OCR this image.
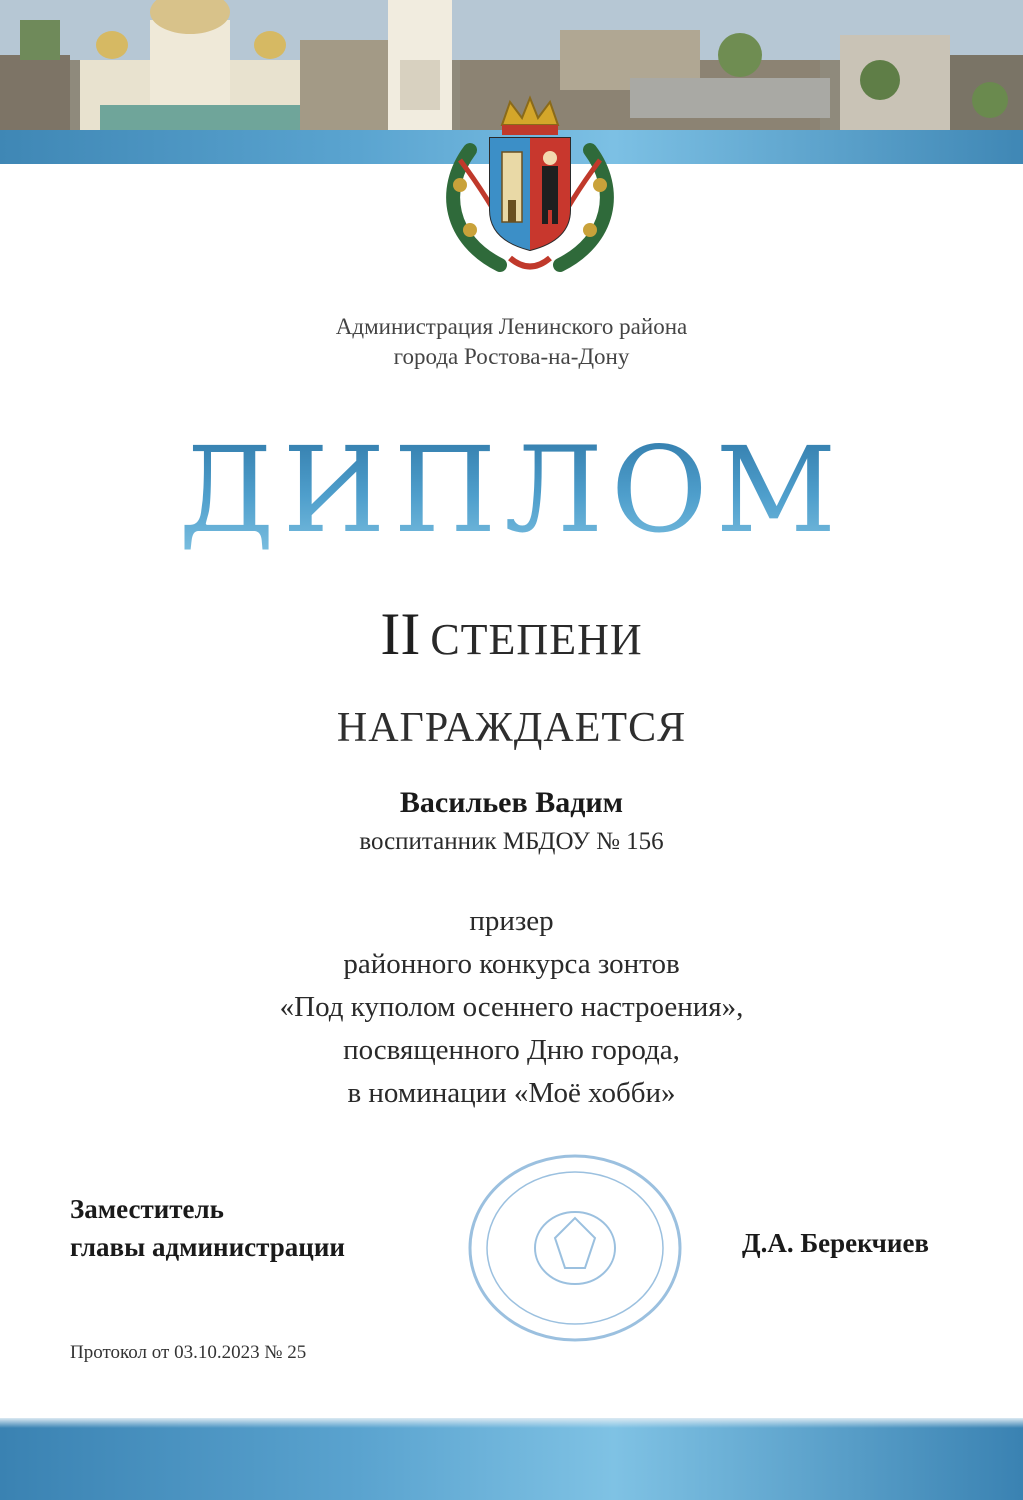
Администрация Ленинского района
города Ростова-на-Дону
ДИПЛОМ
II СТЕПЕНИ
НАГРАЖДАЕТСЯ
Васильев Вадим
воспитанник МБДОУ № 156
призер
районного конкурса зонтов
«Под куполом осеннего настроения»,
посвященного Дню города,
в номинации «Моё хобби»
Заместитель
главы администрации	Д.А. Берекчиев
Протокол от 03.10.2023 № 25
